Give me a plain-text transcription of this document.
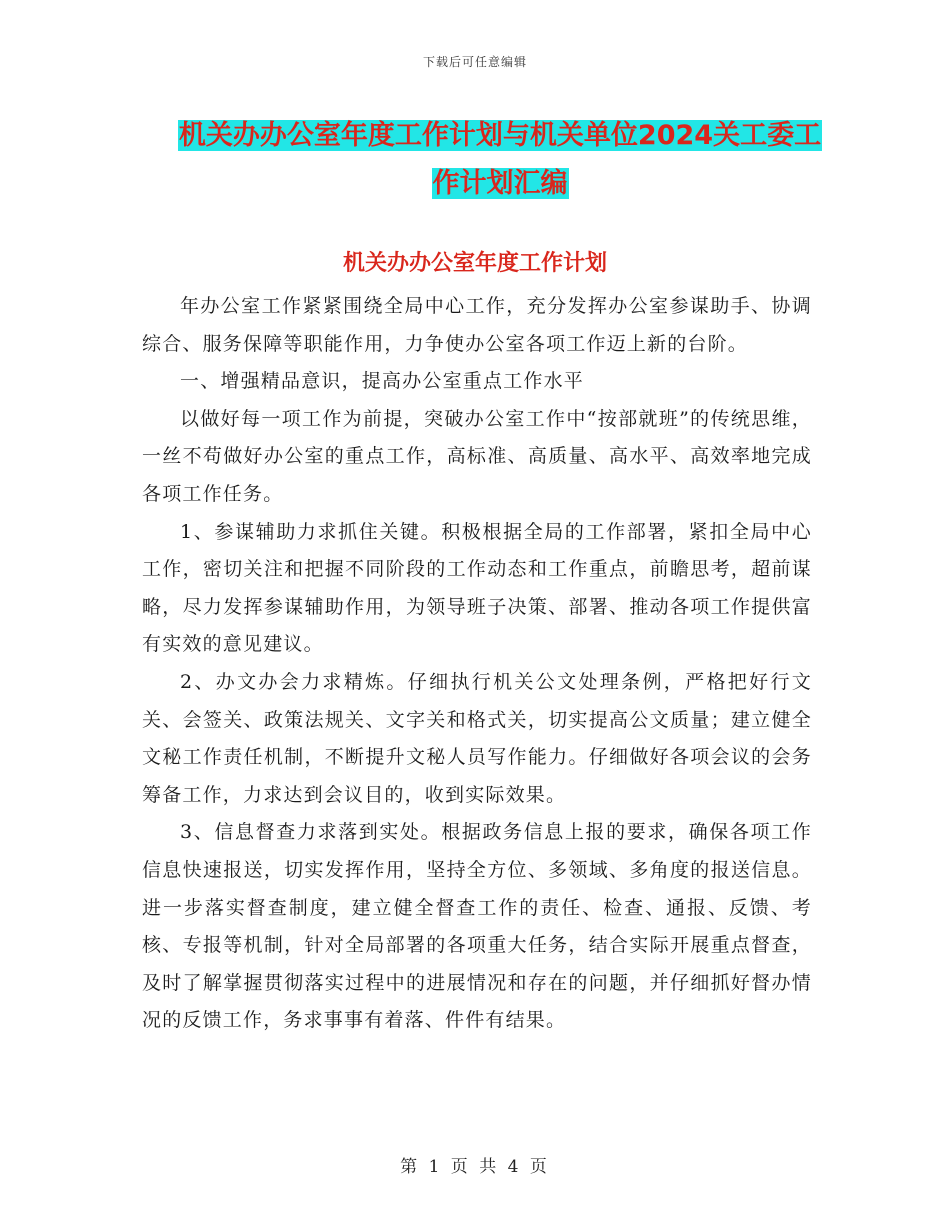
下载后可任意编辑
机关办办公室年度工作计划与机关单位2024关工委工
作计划汇编
机关办办公室年度工作计划

年办公室工作紧紧围绕全局中心工作，充分发挥办公室参谋助手、协调综合、服务保障等职能作用，力争使办公室各项工作迈上新的台阶。

一、增强精品意识，提高办公室重点工作水平

以做好每一项工作为前提，突破办公室工作中“按部就班”的传统思维，一丝不苟做好办公室的重点工作，高标准、高质量、高水平、高效率地完成各项工作任务。

1、参谋辅助力求抓住关键。积极根据全局的工作部署，紧扣全局中心工作，密切关注和把握不同阶段的工作动态和工作重点，前瞻思考，超前谋略，尽力发挥参谋辅助作用，为领导班子决策、部署、推动各项工作提供富有实效的意见建议。

2、办文办会力求精炼。仔细执行机关公文处理条例，严格把好行文关、会签关、政策法规关、文字关和格式关，切实提高公文质量；建立健全文秘工作责任机制，不断提升文秘人员写作能力。仔细做好各项会议的会务筹备工作，力求达到会议目的，收到实际效果。

3、信息督查力求落到实处。根据政务信息上报的要求，确保各项工作信息快速报送，切实发挥作用，坚持全方位、多领域、多角度的报送信息。进一步落实督查制度，建立健全督查工作的责任、检查、通报、反馈、考核、专报等机制，针对全局部署的各项重大任务，结合实际开展重点督查，及时了解掌握贯彻落实过程中的进展情况和存在的问题，并仔细抓好督办情况的反馈工作，务求事事有着落、件件有结果。

第 1 页 共 4 页
